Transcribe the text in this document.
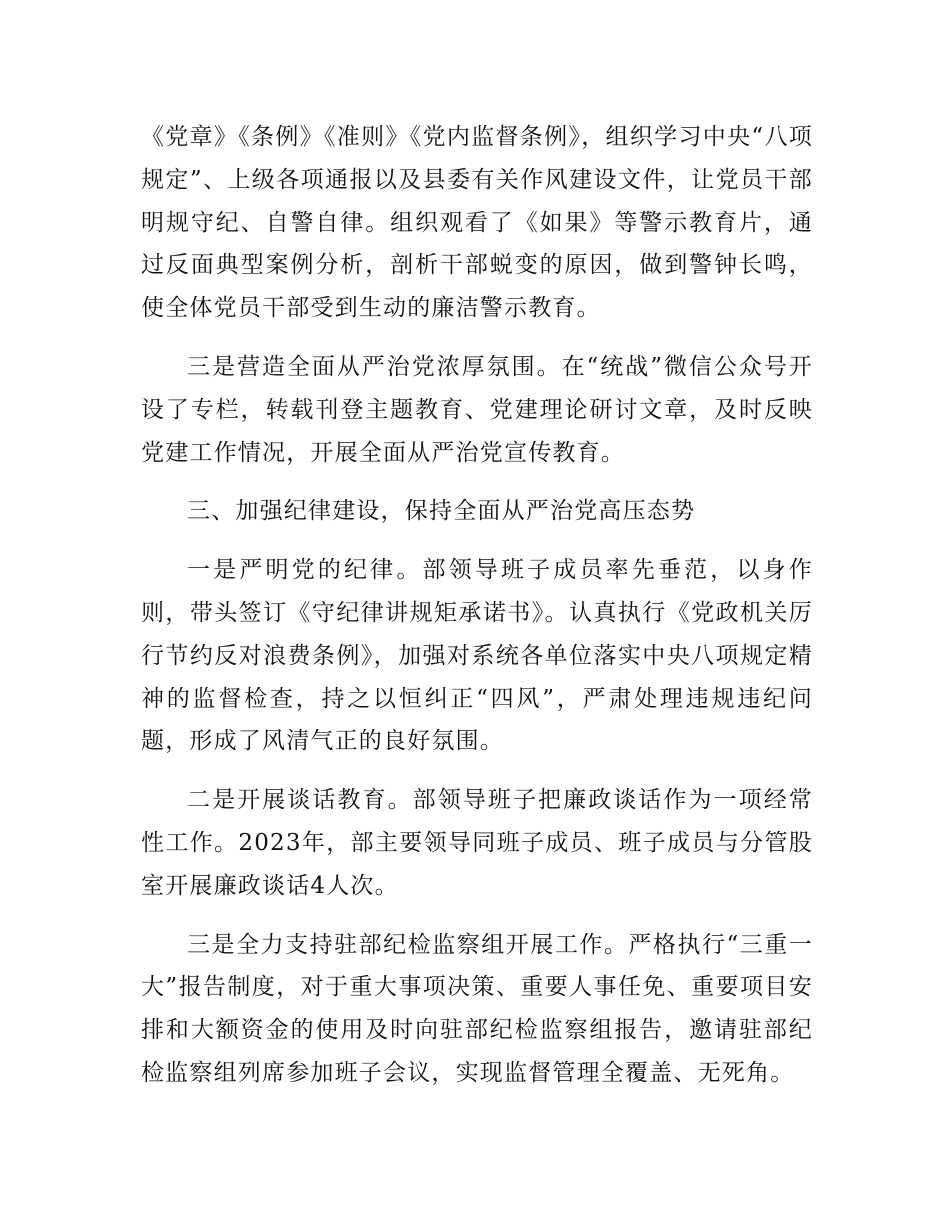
《党章》《条例》《准则》《党内监督条例》，组织学习中央“八项规定”、上级各项通报以及县委有关作风建设文件，让党员干部明规守纪、自警自律。组织观看了《如果》等警示教育片，通过反面典型案例分析，剖析干部蜕变的原因，做到警钟长鸣，使全体党员干部受到生动的廉洁警示教育。

三是营造全面从严治党浓厚氛围。在“统战”微信公众号开设了专栏，转载刊登主题教育、党建理论研讨文章，及时反映党建工作情况，开展全面从严治党宣传教育。

三、加强纪律建设，保持全面从严治党高压态势

一是严明党的纪律。部领导班子成员率先垂范，以身作则，带头签订《守纪律讲规矩承诺书》。认真执行《党政机关厉行节约反对浪费条例》，加强对系统各单位落实中央八项规定精神的监督检查，持之以恒纠正“四风”，严肃处理违规违纪问题，形成了风清气正的良好氛围。

二是开展谈话教育。部领导班子把廉政谈话作为一项经常性工作。2023年，部主要领导同班子成员、班子成员与分管股室开展廉政谈话4人次。

三是全力支持驻部纪检监察组开展工作。严格执行“三重一大”报告制度，对于重大事项决策、重要人事任免、重要项目安排和大额资金的使用及时向驻部纪检监察组报告，邀请驻部纪检监察组列席参加班子会议，实现监督管理全覆盖、无死角。
